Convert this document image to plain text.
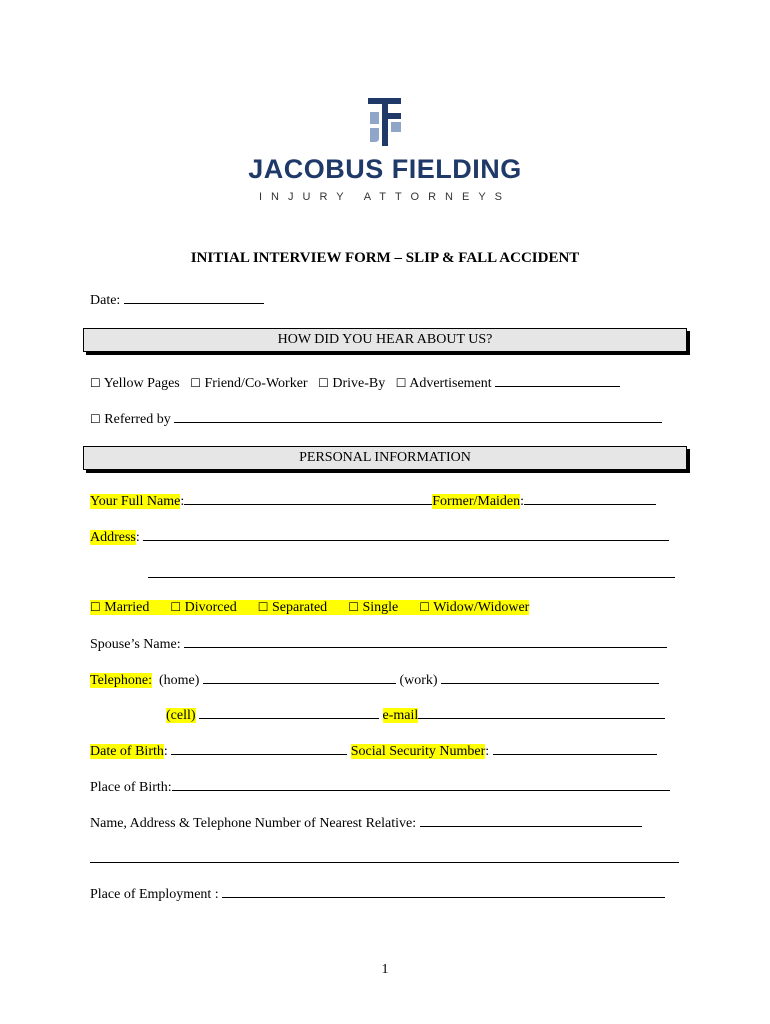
JACOBUS FIELDING
INJURY ATTORNEYS
INITIAL INTERVIEW FORM – SLIP & FALL ACCIDENT
Date:
HOW DID YOU HEAR ABOUT US?
☐ Yellow Pages ☐ Friend/Co-Worker ☐ Drive-By ☐ Advertisement
☐ Referred by
PERSONAL INFORMATION
Your Full Name:	Former/Maiden:
Address:
☐ Married ☐ Divorced ☐ Separated ☐ Single ☐ Widow/Widower
Spouse’s Name:
Telephone: (home)	(work)
(cell)	e-mail
Date of Birth:	Social Security Number:
Place of Birth:
Name, Address & Telephone Number of Nearest Relative:
Place of Employment :
1
